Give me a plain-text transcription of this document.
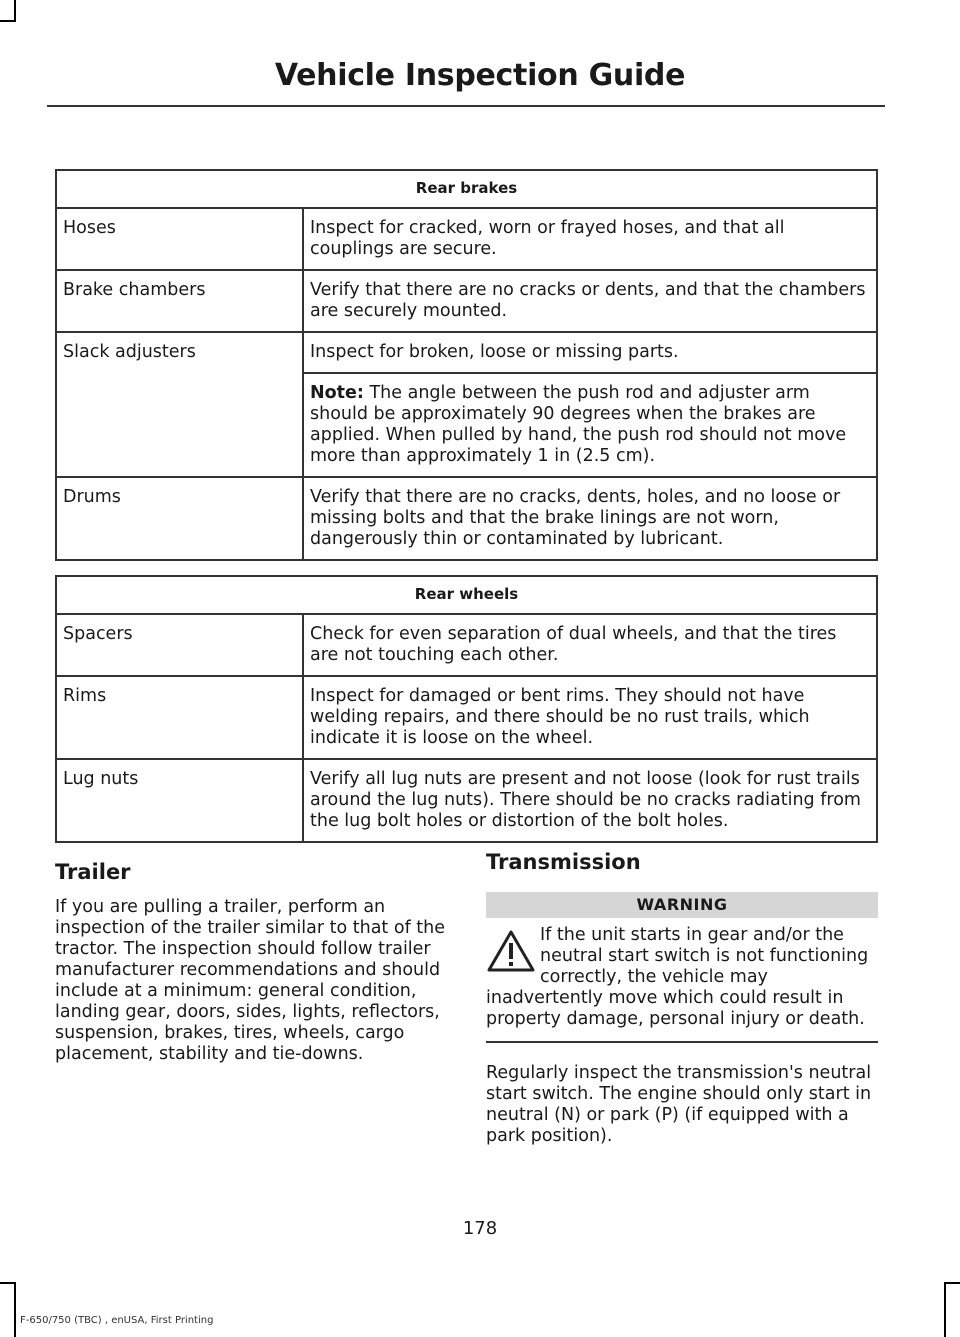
Vehicle Inspection Guide
Rear brakes	
Hoses	Inspect for cracked, worn or frayed hoses, and that all couplings are secure.
Brake chambers	Verify that there are no cracks or dents, and that the chambers are securely mounted.
Slack adjusters	Inspect for broken, loose or missing parts.
	Note: The angle between the push rod and adjuster arm should be approximately 90 degrees when the brakes are applied. When pulled by hand, the push rod should not move more than approximately 1 in (2.5 cm).
Drums	Verify that there are no cracks, dents, holes, and no loose or missing bolts and that the brake linings are not worn, dangerously thin or contaminated by lubricant.
Rear wheels	
Spacers	Check for even separation of dual wheels, and that the tires are not touching each other.
Rims	Inspect for damaged or bent rims. They should not have welding repairs, and there should be no rust trails, which indicate it is loose on the wheel.
Lug nuts	Verify all lug nuts are present and not loose (look for rust trails around the lug nuts). There should be no cracks radiating from the lug bolt holes or distortion of the bolt holes.
Trailer

If you are pulling a trailer, perform an inspection of the trailer similar to that of the tractor. The inspection should follow trailer manufacturer recommendations and should include at a minimum: general condition, landing gear, doors, sides, lights, reflectors, suspension, brakes, tires, wheels, cargo placement, stability and tie-downs.

Transmission
WARNING
If the unit starts in gear and/or the neutral start switch is not functioning correctly, the vehicle may inadvertently move which could result in property damage, personal injury or death.

Regularly inspect the transmission's neutral start switch. The engine should only start in neutral (N) or park (P) (if equipped with a park position).

178
F-650/750 (TBC) , enUSA, First Printing
